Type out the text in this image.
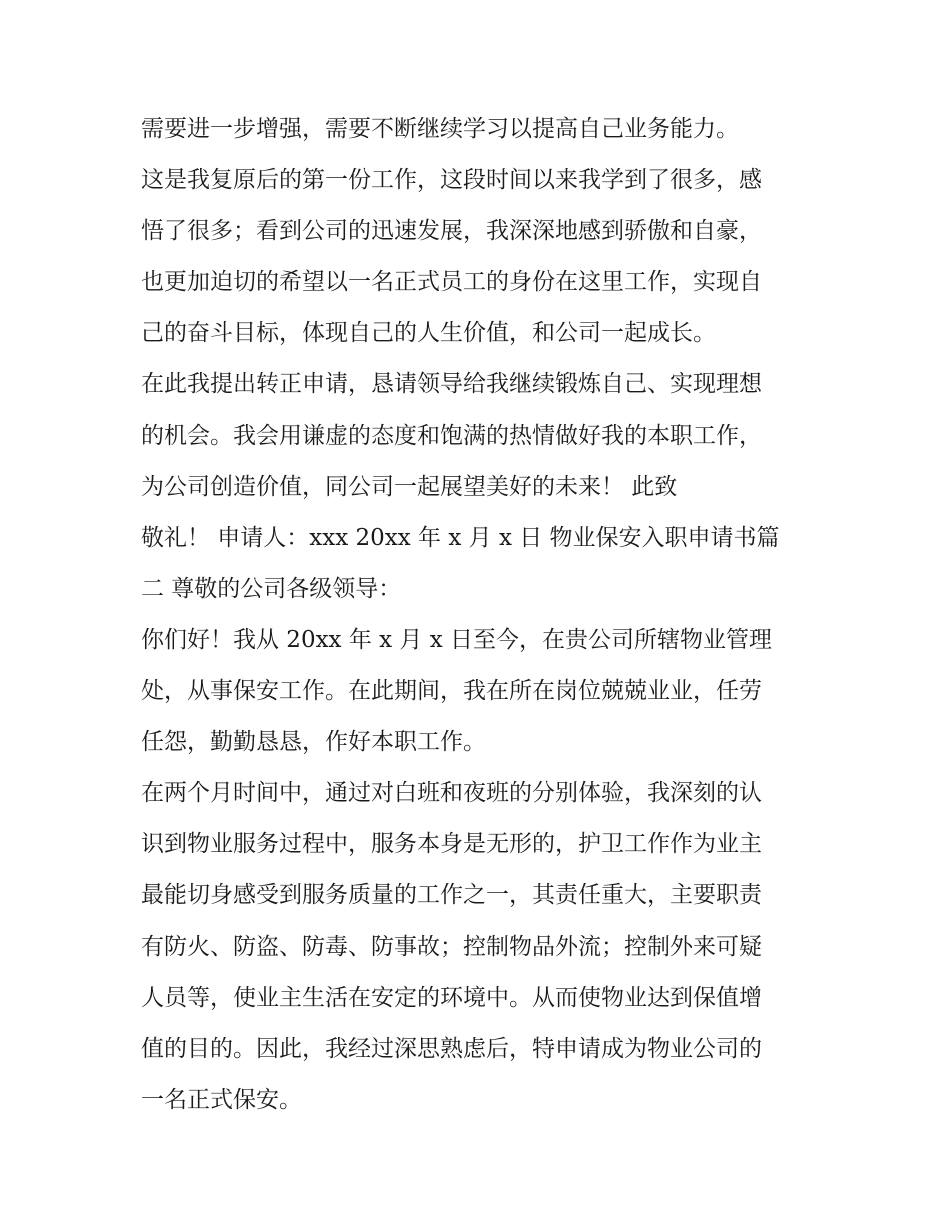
需要进一步增强，需要不断继续学习以提高自己业务能力。
这是我复原后的第一份工作，这段时间以来我学到了很多，感
悟了很多；看到公司的迅速发展，我深深地感到骄傲和自豪，
也更加迫切的希望以一名正式员工的身份在这里工作，实现自
己的奋斗目标，体现自己的人生价值，和公司一起成长。
在此我提出转正申请，恳请领导给我继续锻炼自己、实现理想
的机会。我会用谦虚的态度和饱满的热情做好我的本职工作，
为公司创造价值，同公司一起展望美好的未来！ 此致
敬礼！ 申请人：xxx 20xx 年 x 月 x 日 物业保安入职申请书篇
二 尊敬的公司各级领导：
你们好！我从 20xx 年 x 月 x 日至今，在贵公司所辖物业管理
处，从事保安工作。在此期间，我在所在岗位兢兢业业，任劳
任怨，勤勤恳恳，作好本职工作。
在两个月时间中，通过对白班和夜班的分别体验，我深刻的认
识到物业服务过程中，服务本身是无形的，护卫工作作为业主
最能切身感受到服务质量的工作之一，其责任重大，主要职责
有防火、防盗、防毒、防事故；控制物品外流；控制外来可疑
人员等，使业主生活在安定的环境中。从而使物业达到保值增
值的目的。因此，我经过深思熟虑后，特申请成为物业公司的
一名正式保安。
